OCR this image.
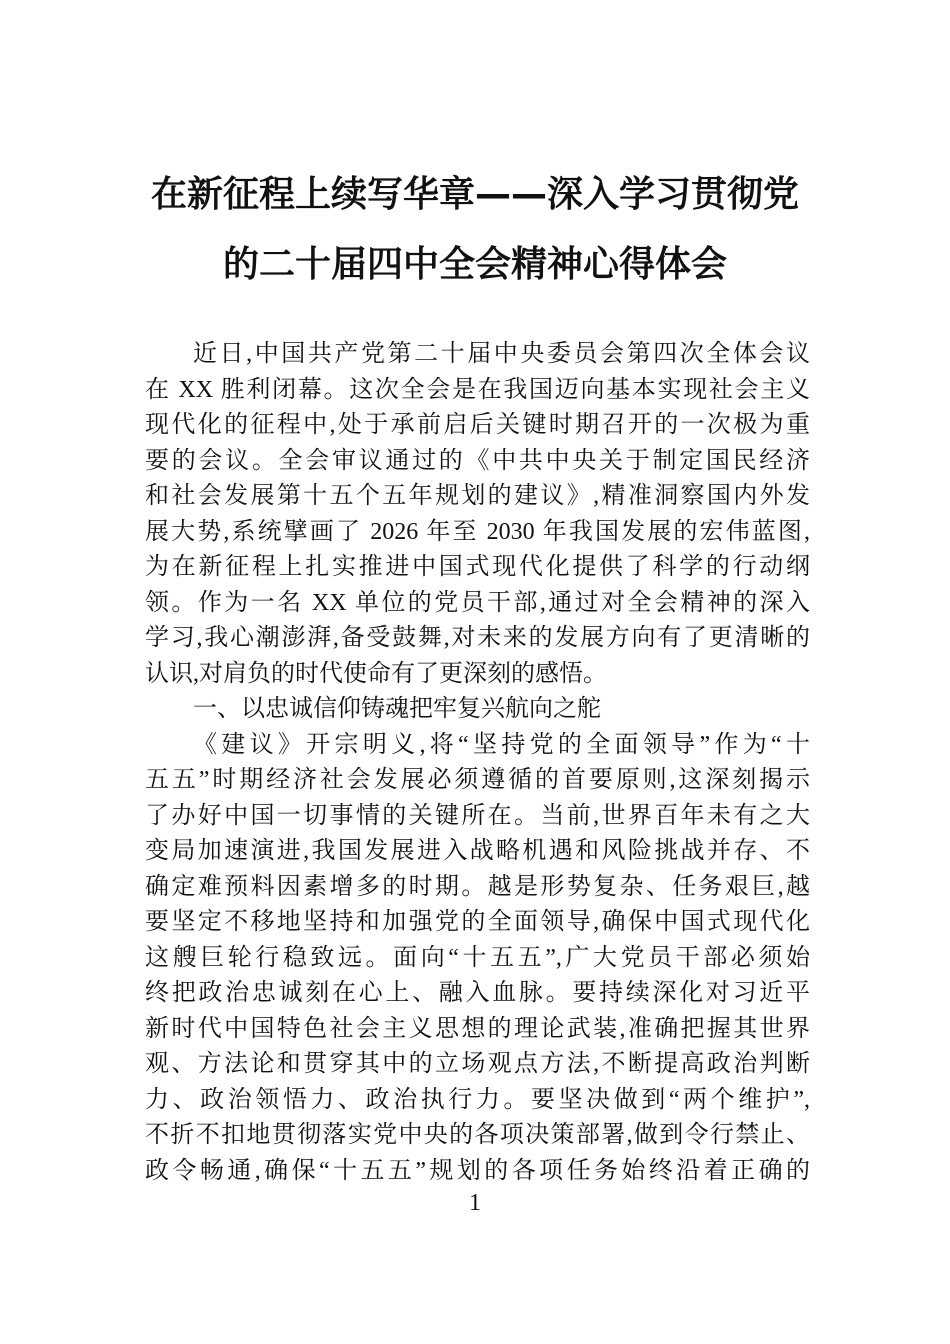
在新征程上续写华章——深入学习贯彻党
的二十届四中全会精神心得体会
近日,中国共产党第二十届中央委员会第四次全体会议
在 XX 胜利闭幕。这次全会是在我国迈向基本实现社会主义
现代化的征程中,处于承前启后关键时期召开的一次极为重
要的会议。全会审议通过的《中共中央关于制定国民经济
和社会发展第十五个五年规划的建议》,精准洞察国内外发
展大势,系统擘画了 2026 年至 2030 年我国发展的宏伟蓝图,
为在新征程上扎实推进中国式现代化提供了科学的行动纲
领。作为一名 XX 单位的党员干部,通过对全会精神的深入
学习,我心潮澎湃,备受鼓舞,对未来的发展方向有了更清晰的
认识,对肩负的时代使命有了更深刻的感悟。
一、以忠诚信仰铸魂把牢复兴航向之舵
《建议》开宗明义,将“坚持党的全面领导”作为“十
五五”时期经济社会发展必须遵循的首要原则,这深刻揭示
了办好中国一切事情的关键所在。当前,世界百年未有之大
变局加速演进,我国发展进入战略机遇和风险挑战并存、不
确定难预料因素增多的时期。越是形势复杂、任务艰巨,越
要坚定不移地坚持和加强党的全面领导,确保中国式现代化
这艘巨轮行稳致远。面向“十五五”,广大党员干部必须始
终把政治忠诚刻在心上、融入血脉。要持续深化对习近平
新时代中国特色社会主义思想的理论武装,准确把握其世界
观、方法论和贯穿其中的立场观点方法,不断提高政治判断
力、政治领悟力、政治执行力。要坚决做到“两个维护”,
不折不扣地贯彻落实党中央的各项决策部署,做到令行禁止、
政令畅通,确保“十五五”规划的各项任务始终沿着正确的
1
